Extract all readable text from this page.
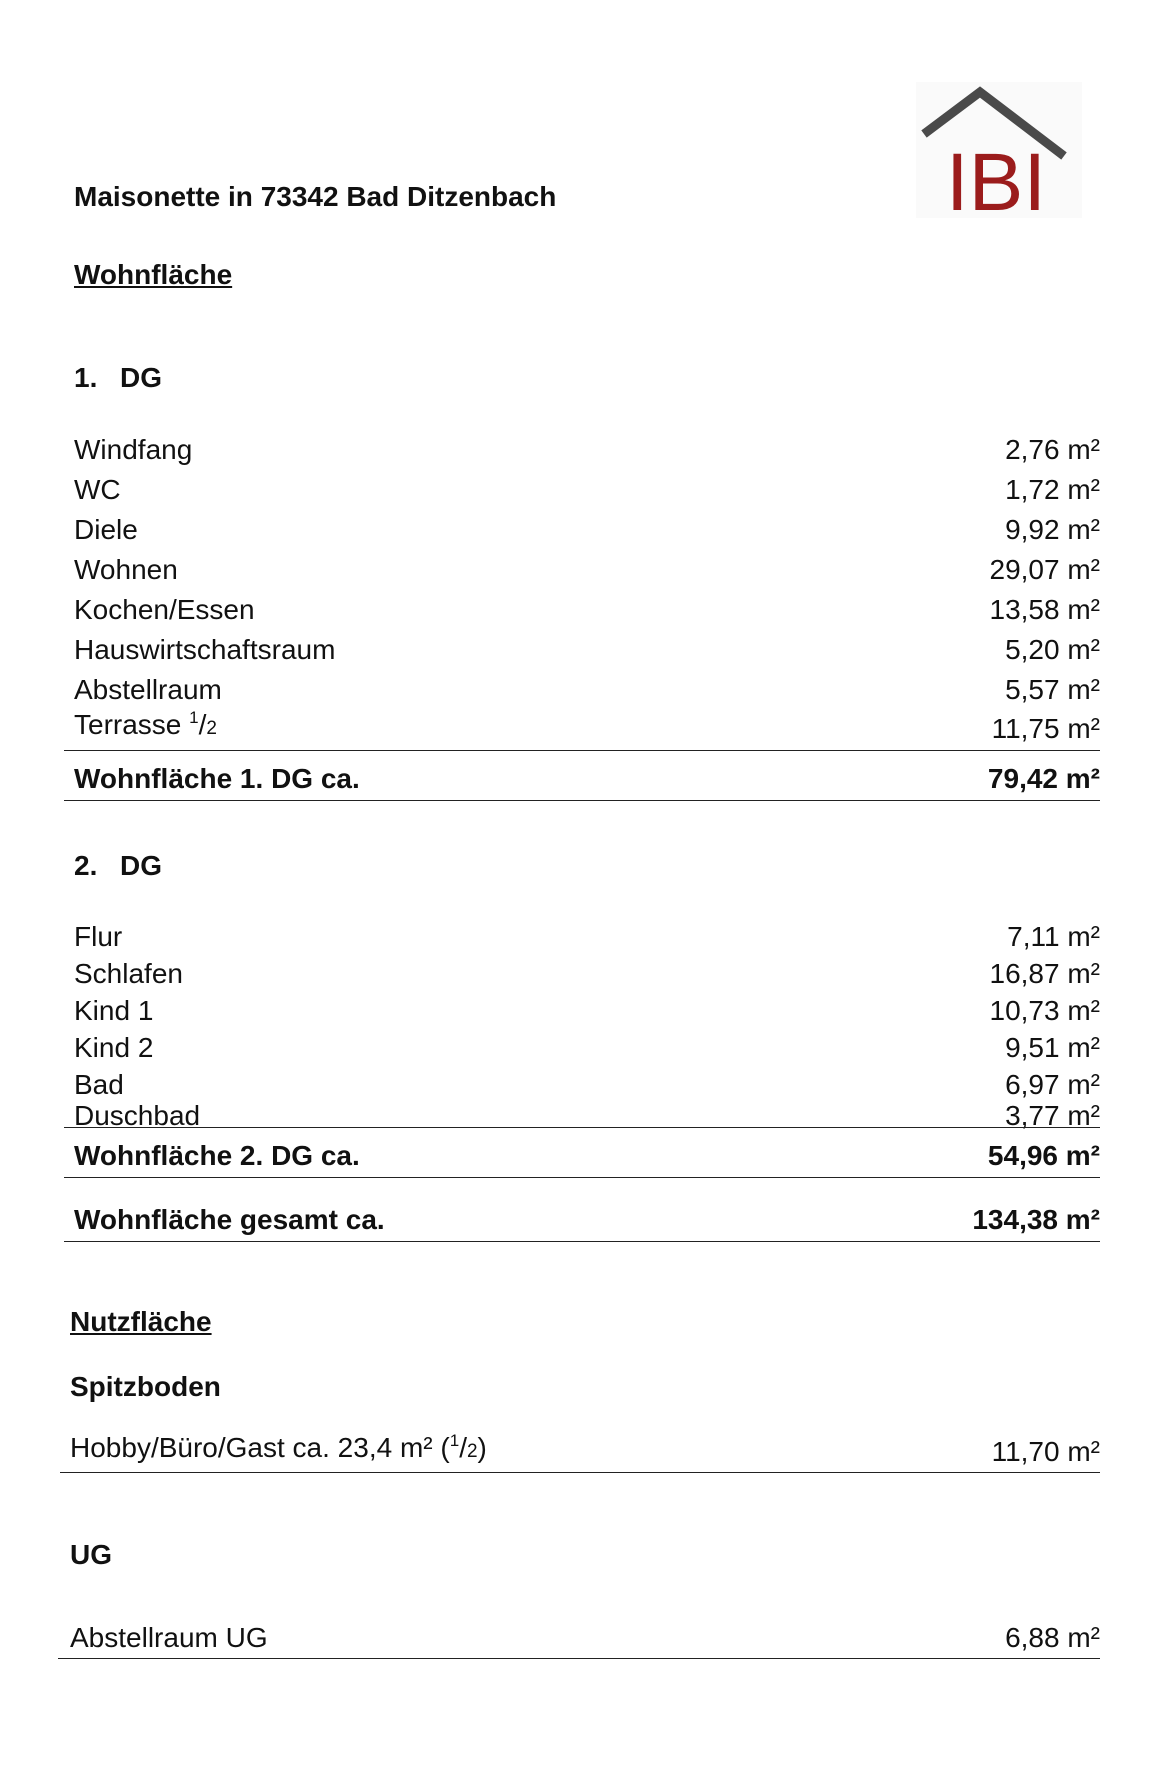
IBI
Maisonette in 73342 Bad Ditzenbach
Wohnfläche
1. DG
Windfang	2,76 m²
WC	1,72 m²
Diele	9,92 m²
Wohnen	29,07 m²
Kochen/Essen	13,58 m²
Hauswirtschaftsraum	5,20 m²
Abstellraum	5,57 m²
Terrasse $^1$/2	11,75 m²
Wohnfläche 1. DG ca.	79,42 m²
2. DG
Flur	7,11 m²
Schlafen	16,87 m²
Kind 1	10,73 m²
Kind 2	9,51 m²
Bad	6,97 m²
Duschbad	3,77 m²
Wohnfläche 2. DG ca.	54,96 m²
Wohnfläche gesamt ca.	134,38 m²
Nutzfläche
Spitzboden
Hobby/Büro/Gast ca. 23,4 m² ($^1$/2)	11,70 m²
UG
Abstellraum UG	6,88 m²
